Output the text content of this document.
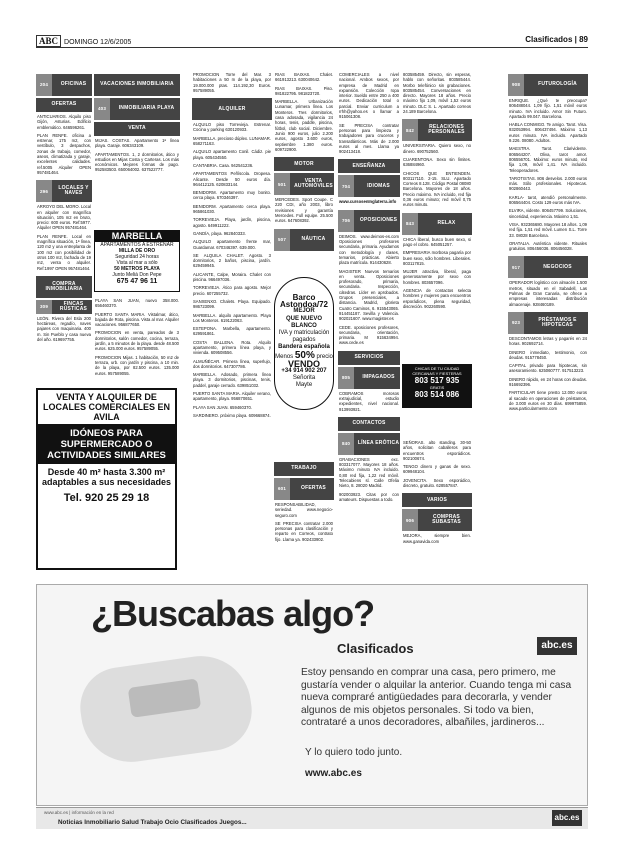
ABC DOMINGO 12/6/2005	Clasificados | 89
204	OFICINAS
OFERTAS
ANTICUARIOS. Alquilo piso Gijón, Asturias. Edificio emblemático. 646596261.
PLAN RENFE. oficina a estrenar, 175 m2, con vestíbulo, 3 despachos, zonas de trabajo, comedor, aseos, climatizada y garaje, excelentes calidades. ref.5005 Alquiler OPEN 957481464.
296
LOCALES Y NAVES
ARROYO DEL MORO. Local en alquiler con magnífica situación, 105 m2 en bruto, precio: 600 euros. Ref:5977. Alquiler OPEN 957481464.
PLAN RENFE. Local en magnífica situación, 1ª línea, 120 m2 y una entreplanta de 100 m2 con posibilidad de otros 100 m2, fachada de 19 m2, venta o alquiler. Ref:1997 OPEN 957481464.
COMPRA INMOBILIARIA
309
FINCAS RÚSTICAS
LEÓN. Rivera del Esla 200 hectáreas, regadío, naves pajares con maquinaria. 400 m. Sin Pueblo y casa nueva del año. 619697755.
VENTA Y ALQUILER DE LOCALES COMERCIALES EN AVILA
IDÓNEOS PARA SUPERMERCADO O ACTIVIDADES SIMILARES
Desde 40 m² hasta 3.300 m² adaptables a sus necesidades
Tel. 920 25 29 18
VACACIONES INMOBILIARIA
403	INMOBILIARIA PLAYA
VENTA
MIJAS. COSTAS. Apartamento 1ª línea playa. Garaje. 606343109.
APARTAMENTOS. 1, 2 dormitorios, ático y estudios en Mijas Costa y Carteras. Los más económicos. Mejores formas de pago. 952583503. 650064002. 637522777.
MARBELLA
APARTAMENTOS A ESTRENAR
MILLA DE ORO
Seguridad 24 horas
Vista al mar a sólo
50 METROS PLAYA
Junto Meliá Don Pepe
675 47 96 11
PLAYA SAN JUAN, nuevo 358.000. 656460370.
PUERTO SANTA MARIA. Vistalmar, ático, bajada de Rota, piscina. Vista al mar. Alquiler vacaciones. 956877650.
PROMOCION en venta, pareados de 3 dormitorios, salón comedor, cocina, terraza, jardín, a 5 minutos de la playa. desde 48.500 euros. 625.000 euros. 957589055.
PROMOCION Mijas. 1 habitación, 50 m2 de terraza, urb. con jardín y piscina, a 10 min. de la playa, por 82.500 euros. 135.000 euros. 957589055.
PROMOCION Torre del Mar. 3 habitaciones a 50 m de la playa, por 19.000.000 ptas. 114.192,30 Euros. 957589055.
ALQUILER
ALQUILO piso Torrevieja. Estrenar. Cocina y parking 630120933.
MARBELLA. precioso dúplex. LUNAMAR. 658271163.
ALQUILO apartamento Conil. Cádiz. pie playa. 605434550.
CANTABRIA. Casa. 942541236.
APARTAMENTOS Peñíscola. Oropesa. Alicante. Desde 50 euros día. 964412125. 620833144.
BENIDORM. Apartamento muy bonito. cerca playa. 670346397.
BENIDORM. Apartamento cerca playa. 965861030.
TORREVIEJA. Playa, jardín, piscina, agosto. 649911222.
GANDÍA, playa. 962840333.
ALQUILO apartamento frente mar, Guardamar. 670346397. 639.000.
SE ALQUILA CHALET. Agosto. 3 dormitorios, 2 baños, piscina, jardín. 629459945.
ALICANTE, Calpe, Moraira. Chalet con piscina. 966497036.
TORREVIEJA. Ático para agosto. Mejor precio. 607255732.
SANXENXO. Chalets. Playa. Equipado. 986723099.
MARBELLA. alquilo apartamento. Playa Los Monteros. 619122063.
ESTEPONA. Marbella, apartamento. 629591861.
COSTA BALLENA. Rota. Alquilo apartamento, primera línea playa, y vivienda. 609508556.
ALMUÑÉCAR. Primera línea, superlujo, dos dormitorios. 647307786.
MARBELLA. Adosado, primera línea playa. 3 dormitorios, piscinas, tenis, paddel, garaje cerrado. 639851032.
PUERTO SANTA MARIA. Alquiler verano, apartamento, playa. 956870651.
PLAYA SAN JUAN. 659460370.
SARDINERO. próximo playa. 609668874.
RIAS BAIXAS. Chalet. 661913213. 630040642.
RIAS BAIXAS. Piso. 981822795. 981823720.
MARBELLA. Urbanización Lunamar, primera línea. Los Monteros. Tres dormitorios, casa adosada, vigilancia 24 horas, tenis, paddle, piscina, fútbol, club social. Diciembre. Junio 900 euros, julio 2.200 euros, agosto 3.600 euros, septiembre 1.380 euros. 609722900.
MOTOR
501
VENTA AUTOMÓVILES
MERCEDES. Sport Coupe. C 220 CDI, año 2003, libro revisiones y garantía Mercedes. Full equipe. 25.500 euros. 647608392.
507	NÁUTICA
Barco
Astondoa/72
MEJOR
QUE NUEVO
BLANCO
IVA y matriculación
pagados
Bandera española
Menos 50% precio
VENDO
+34 914 902 207
Señorita
Mayte
TRABAJO
601	OFERTAS
RESPONSABILIDAD, seriedad. www.negocio-seguro.com
SE PRECISA contratar 2.000 personas para clasificación y reparto en Correos, contrato fijo. Llama ya. 902433902.
COMERCIALES a nivel nacional. Ambos sexos, por empresa de Madrid en expansión. Colección ropa interior. Sueldo entre 250 a 400 euros. Dedicación total o parcial. Enviar curriculum a rrhh@yahoo.es o llamar a 915061308.
SE PRECISA contratar personas para limpieza y trabajadores para cruceros y transatlánticos. Más de 2.000 euros al mes. Llama ya 902413418.
ENSEÑANZA
704	IDIOMAS
www.cursosenInglaterra.info
706	OPOSICIONES
DEIMOS. www.deimos-es.com Oposiciones profesores secundaria, primaria. Ayudamos con metodología y clases, temarios, prácticas. Abierto plaza matrícula. 914430628.
MAGISTER Nuevos temarios en venta. Oposiciones profesorado, primaria, secundaria. Inspección, cátedras. Líder en aprobados. Grupos presenciales, a distancia. Madrid, glorieta Cuatro Caminos, 6. 915543065. 914451187. Sevilla y Valencia. 902021607. www.magister.es
CEDE. oposiciones profesores, secundaria, orientación, primaria. M 915634994. www.cede.es
SERVICIOS
805	IMPAGADOS
COBRAMOS morosos extrajudicial, estudio expedientes, nivel nacional. 913993921.
CONTACTOS
840	LÍNEA ERÓTICA
GRABACIONES exc. 803317077. Mayores 18 años. Máximo minuto IVA incluido. 0,80 red fija, 1,22 red móvil. Telecabiens sl. Calle Ofelia Nieto, 8. 28020 Madrid.
902003923. Citas por con amateurs. Dispuestas a todo.
803585459. Directo, sin esperas, hablo con señoritas. 803585444. Morbo telefónico sin grabaciones. 803585454. Conversaciones en directo. Mayores 18 años. Precio máximo fijo 1,09, móvil 1,52 euros minuto. DLC S. L. Apartado correos 24.189 Barcelona.
842
RELACIONES PERSONALES
UNIVERSITARIA. Quiero sexo, no dinero. 690752560.
CUARENTONA. Sexo sin límites. 636884960.
CHICOS QUE ENTIENDEN. 803117110. 2-15. SLU. Apartado Correos 8.128. Código Postal 08080 Barcelona. Mayores de 18 años. Precio máximo. IVA incluido, red fija 0,36 euros minuto; red móvil 0,75 euros minuto.
843	RELAX
CHICA liberal, busco buen sexo, si pago el cobro. 645051257.
EMPRESARIA morbosa pagaría por buen sexo, sólo hombres. Liberales. 803117815.
MUJER atractiva, liberal, paga generosamente por sexo con hombres. 803657096.
AGENCIA de contactos selecta hombres y mujeres para encuentros esporádicos, plena seguridad, discreción. 902260590.
CHICAS DE TU CIUDAD
CERCANAS Y FIESTERAS
803 517 935
GRATIS
803 514 086
SEÑORAS. alto standing. 30-50 años, solicitan caballeros para encuentros esporádicos. 902100674.
TENGO dinero y ganas de sexo. 609948104.
JOVENCITA. Sexo esporádico, discreto, gratuito. 628557847.
VARIOS
906
COMPRAS SUBASTAS
MEJORA, siempre bien. www.ganavida.com
908	FUTUROLOGÍA
ENRIQUE. ¿Qué te preocupa? 806488044. 1,09 fijo. 1,51 móvil euros minuto. IVA incluido. Amor Sin Futuro. Apartado 99.047. Barcelona.
HABLA CONMIGO. Te amigo. Tarot. Visa. 932053994. 806437494. Máximo 1,13 euros minuto. IVA incluido. Apartado 9.226. 08080. Adultos.
MAESTRA. Tarot. Clarividente. 806564207. Oliva, tarot amor. 806556701. Máximo: euros minuto, red fija 1,09, móvil 1,41. IVA incluido. Teleoperadores.
TAROTISTAS. 806 desvelos. 2.000 euros más. Sólo profesionales. Hipotecas. 902860443.
KARLA- tarot, atendió personalmente. 806564404. Costo 129 euros más IVA.
ELVIRA, vidente. 806457799. Soluciones, sinceridad, experiencia. Máximo 1,51.
VISA. 932365680. Mayores 18 años. 1,09 red fija. 1,51 red móvil. Lumen S.L. Torre 33. 08028 Barcelona.
ORATALIA. Auténtica vidente. Rituales gratuitos. 806456036. 806456028.
917	NEGOCIOS
OPERADOR logístico con almacén 1.500 metros, situado en el Sabadell, Las Palmas de Gran Canaria, se ofrece a empresas interesadas distribución almacenaje. 928460189.
923
PRÉSTAMOS E HIPOTECAS
DESCONTAMOS letras y pagarés en 24 horas. 902692714.
DINERO inmediato, testimonio, con deudas. 915778450.
CAPITAL privado para hipotecas, sin asesoramiento. 625060777. 917513223.
DINERO rápido, en 24 horas con deudas. 916692396.
PARTICULAR tiene presto 12.000 euros al sacado en operaciones de préstamos, de 3.000 euros en 30 días. 699975859. www.particularmente.com
¿Buscabas algo?
Clasificados	abc.es
Estoy pensando en comprar una casa, pero primero, me gustaría vender o alquilar la anterior. Cuando tenga mi casa nueva compraré antigüedades para decorarla, y vender algunos de mis objetos personales. Si todo va bien, contrataré a unos decoradores, albañiles, jardineros...
Y lo quiero todo junto.
www.abc.es
www.abc.es | información en la red
Noticias Inmobiliario Salud Trabajo Ocio Clasificados Juegos...
abc.es
